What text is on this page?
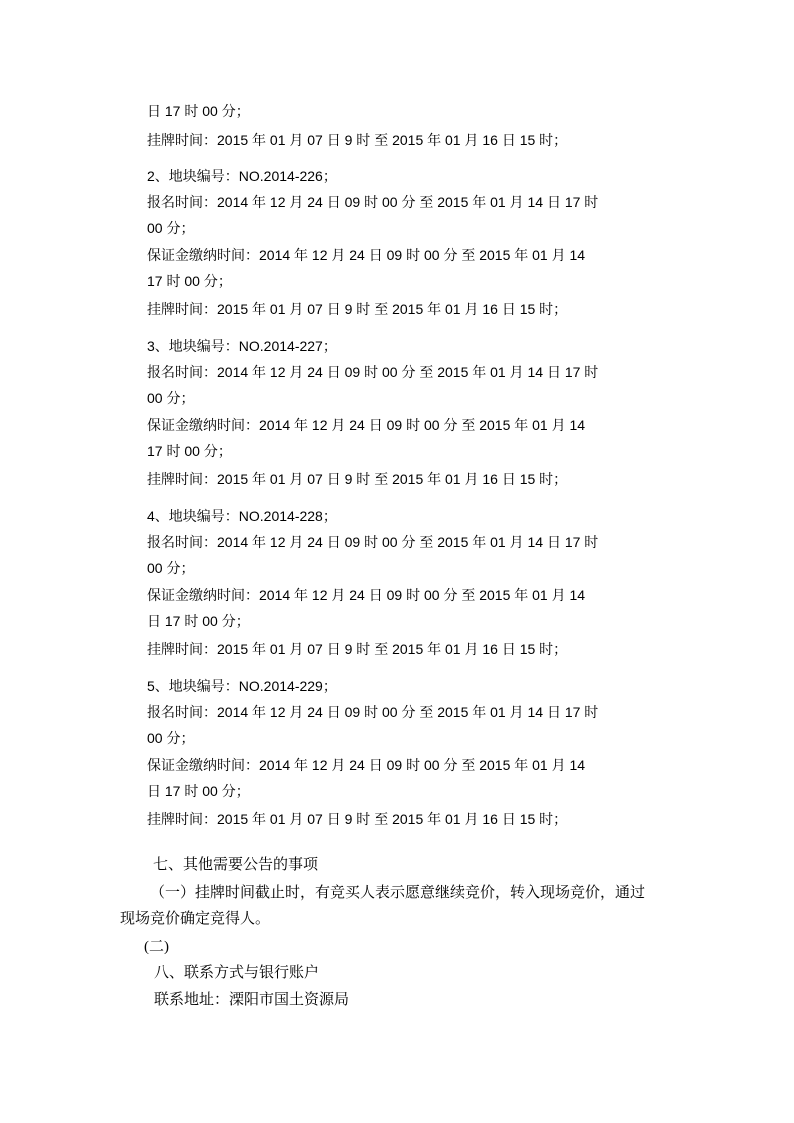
日 17 时 00 分；
挂牌时间：2015 年 01 月 07 日 9 时 至 2015 年 01 月 16 日 15 时；
2、地块编号：NO.2014-226；
报名时间：2014 年 12 月 24 日 09 时 00 分 至 2015 年 01 月 14 日 17 时
00 分；
保证金缴纳时间：2014 年 12 月 24 日 09 时 00 分 至 2015 年 01 月 14
17 时 00 分；
挂牌时间：2015 年 01 月 07 日 9 时 至 2015 年 01 月 16 日 15 时；
3、地块编号：NO.2014-227；
报名时间：2014 年 12 月 24 日 09 时 00 分 至 2015 年 01 月 14 日 17 时
00 分；
保证金缴纳时间：2014 年 12 月 24 日 09 时 00 分 至 2015 年 01 月 14
17 时 00 分；
挂牌时间：2015 年 01 月 07 日 9 时 至 2015 年 01 月 16 日 15 时；
4、地块编号：NO.2014-228；
报名时间：2014 年 12 月 24 日 09 时 00 分 至 2015 年 01 月 14 日 17 时
00 分；
保证金缴纳时间：2014 年 12 月 24 日 09 时 00 分 至 2015 年 01 月 14
日 17 时 00 分；
挂牌时间：2015 年 01 月 07 日 9 时 至 2015 年 01 月 16 日 15 时；
5、地块编号：NO.2014-229；
报名时间：2014 年 12 月 24 日 09 时 00 分 至 2015 年 01 月 14 日 17 时
00 分；
保证金缴纳时间：2014 年 12 月 24 日 09 时 00 分 至 2015 年 01 月 14
日 17 时 00 分；
挂牌时间：2015 年 01 月 07 日 9 时 至 2015 年 01 月 16 日 15 时；
七、其他需要公告的事项
（一）挂牌时间截止时，有竞买人表示愿意继续竞价，转入现场竞价，通过
现场竞价确定竞得人。
(二)
八、联系方式与银行账户
联系地址：溧阳市国土资源局
